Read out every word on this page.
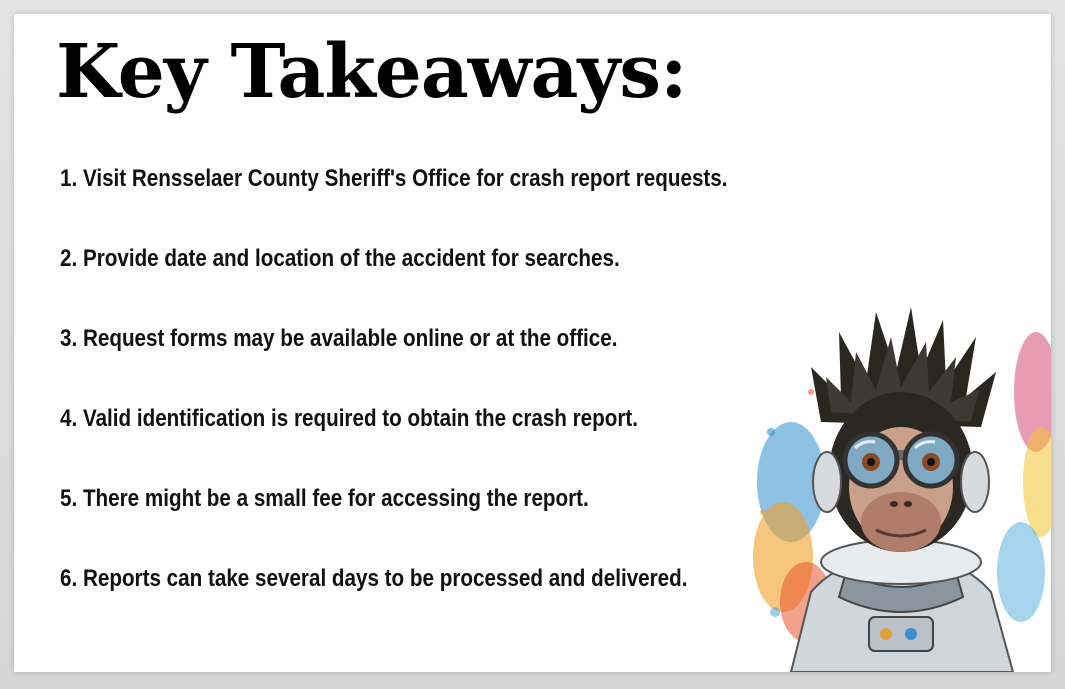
Key Takeaways:
1. Visit Rensselaer County Sheriff's Office for crash report requests.
2. Provide date and location of the accident for searches.
3. Request forms may be available online or at the office.
4. Valid identification is required to obtain the crash report.
5. There might be a small fee for accessing the report.
6. Reports can take several days to be processed and delivered.
